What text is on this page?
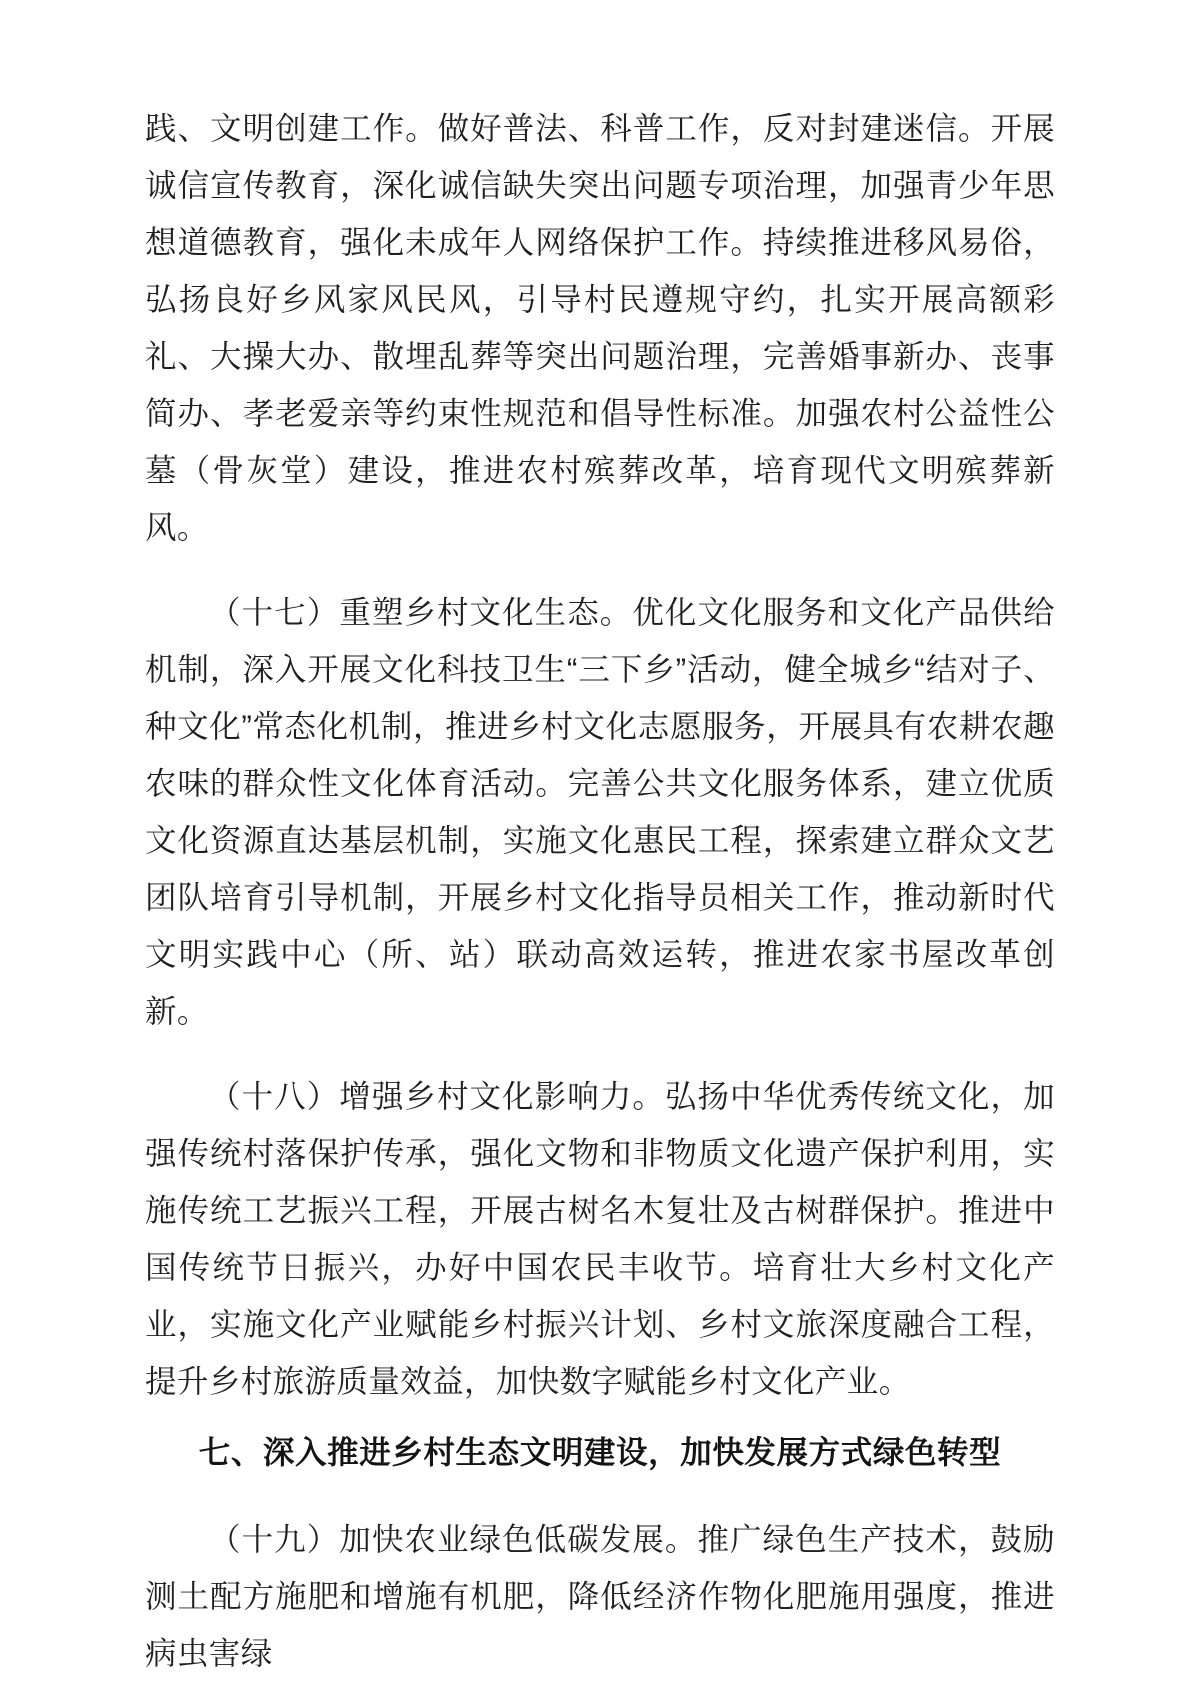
践、文明创建工作。做好普法、科普工作，反对封建迷信。开展诚信宣传教育，深化诚信缺失突出问题专项治理，加强青少年思想道德教育，强化未成年人网络保护工作。持续推进移风易俗，弘扬良好乡风家风民风，引导村民遵规守约，扎实开展高额彩礼、大操大办、散埋乱葬等突出问题治理，完善婚事新办、丧事简办、孝老爱亲等约束性规范和倡导性标准。加强农村公益性公墓（骨灰堂）建设，推进农村殡葬改革，培育现代文明殡葬新风。

（十七）重塑乡村文化生态。优化文化服务和文化产品供给机制，深入开展文化科技卫生“三下乡”活动，健全城乡“结对子、种文化”常态化机制，推进乡村文化志愿服务，开展具有农耕农趣农味的群众性文化体育活动。完善公共文化服务体系，建立优质文化资源直达基层机制，实施文化惠民工程，探索建立群众文艺团队培育引导机制，开展乡村文化指导员相关工作，推动新时代文明实践中心（所、站）联动高效运转，推进农家书屋改革创新。

（十八）增强乡村文化影响力。弘扬中华优秀传统文化，加强传统村落保护传承，强化文物和非物质文化遗产保护利用，实施传统工艺振兴工程，开展古树名木复壮及古树群保护。推进中国传统节日振兴，办好中国农民丰收节。培育壮大乡村文化产业，实施文化产业赋能乡村振兴计划、乡村文旅深度融合工程，提升乡村旅游质量效益，加快数字赋能乡村文化产业。

七、深入推进乡村生态文明建设，加快发展方式绿色转型

（十九）加快农业绿色低碳发展。推广绿色生产技术，鼓励测土配方施肥和增施有机肥，降低经济作物化肥施用强度，推进病虫害绿
